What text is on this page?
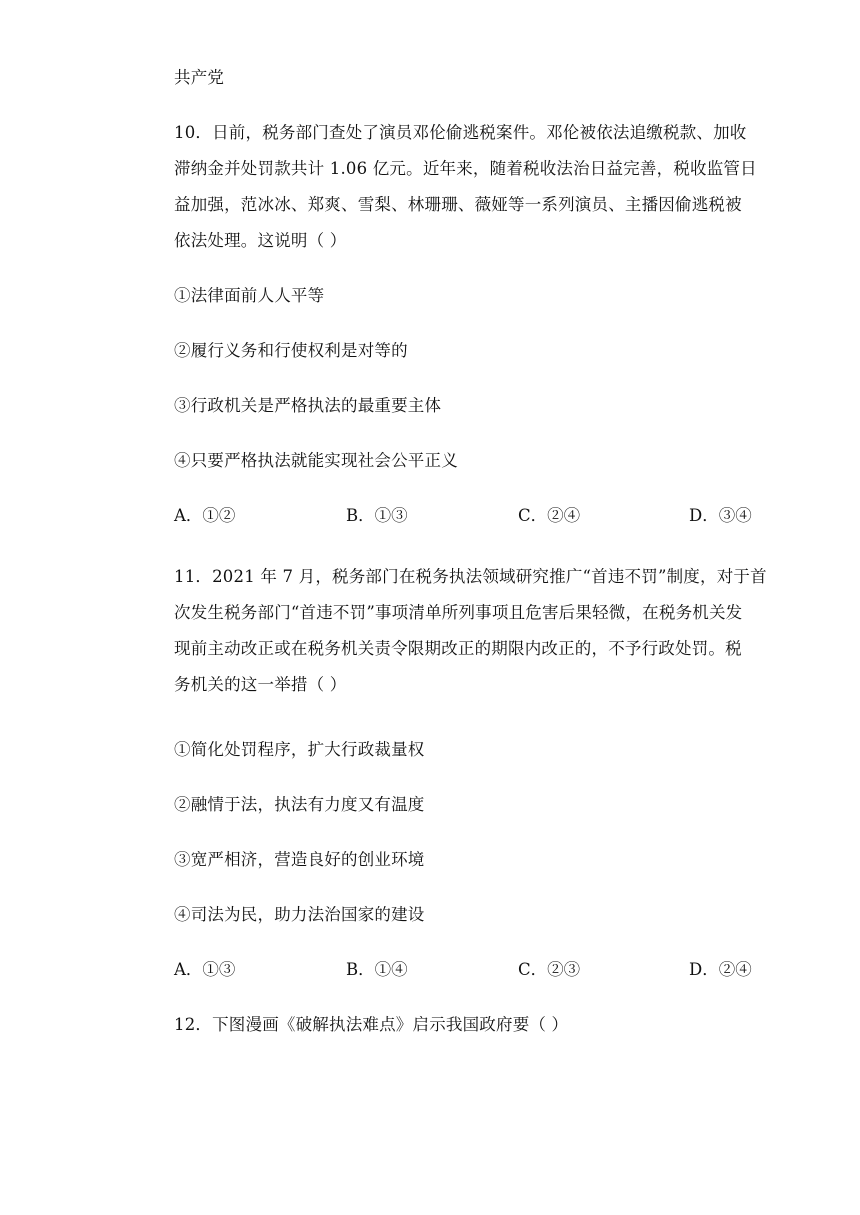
共产党
10．日前，税务部门查处了演员邓伦偷逃税案件。邓伦被依法追缴税款、加收
滞纳金并处罚款共计 1.06 亿元。近年来，随着税收法治日益完善，税收监管日
益加强，范冰冰、郑爽、雪梨、林珊珊、薇娅等一系列演员、主播因偷逃税被
依法处理。这说明（ ）
①法律面前人人平等
②履行义务和行使权利是对等的
③行政机关是严格执法的最重要主体
④只要严格执法就能实现社会公平正义
A．①②	B．①③	C．②④	D．③④
11．2021 年 7 月，税务部门在税务执法领域研究推广“首违不罚”制度，对于首
次发生税务部门“首违不罚”事项清单所列事项且危害后果轻微，在税务机关发
现前主动改正或在税务机关责令限期改正的期限内改正的，不予行政处罚。税
务机关的这一举措（ ）
①简化处罚程序，扩大行政裁量权
②融情于法，执法有力度又有温度
③宽严相济，营造良好的创业环境
④司法为民，助力法治国家的建设
A．①③	B．①④	C．②③	D．②④
12．下图漫画《破解执法难点》启示我国政府要（ ）
